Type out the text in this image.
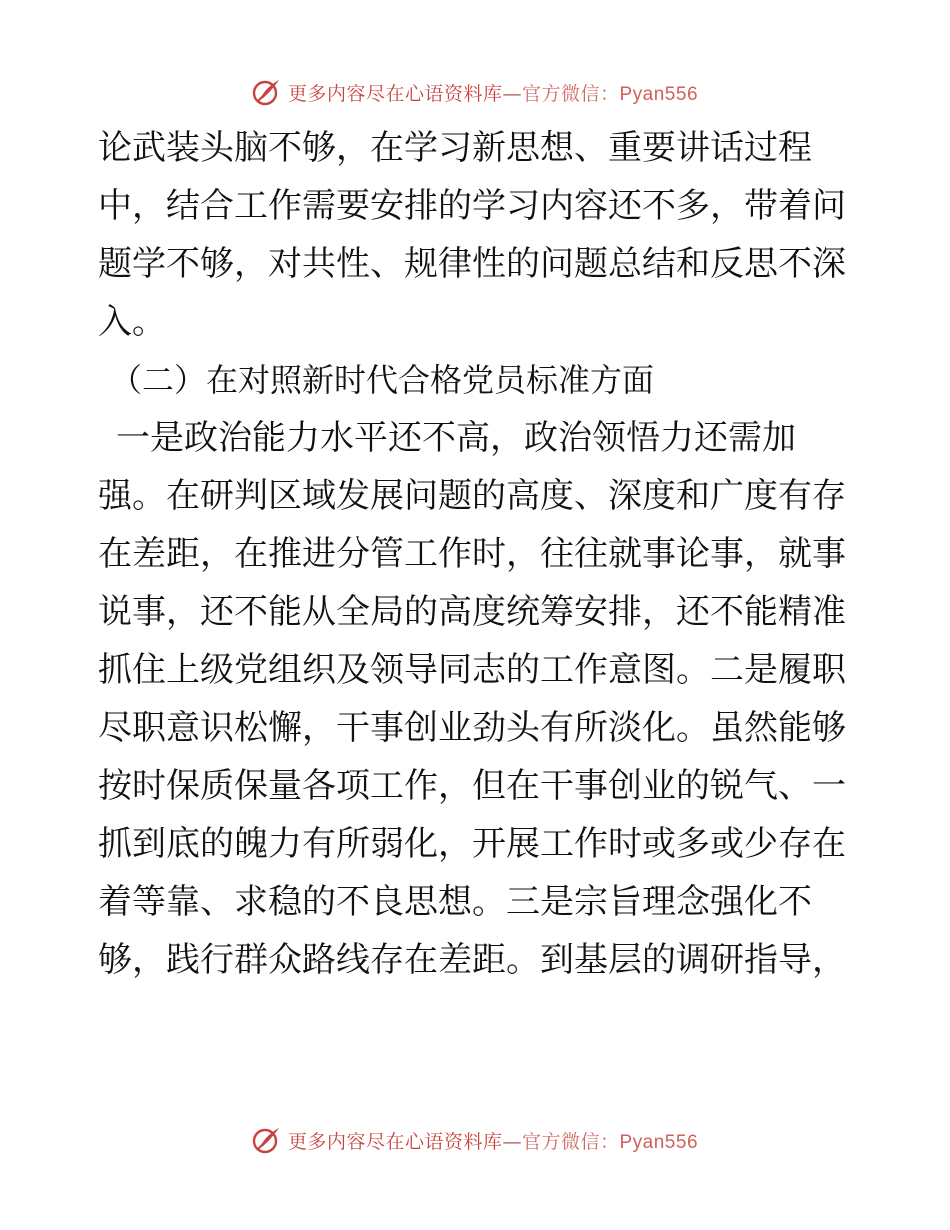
更多内容尽在心语资料库—官方微信：Pyan556

论武装头脑不够，在学习新思想、重要讲话过程
中，结合工作需要安排的学习内容还不多，带着问
题学不够，对共性、规律性的问题总结和反思不深
入。

（二）在对照新时代合格党员标准方面

一是政治能力水平还不高，政治领悟力还需加
强。在研判区域发展问题的高度、深度和广度有存
在差距，在推进分管工作时，往往就事论事，就事
说事，还不能从全局的高度统筹安排，还不能精准
抓住上级党组织及领导同志的工作意图。二是履职
尽职意识松懈，干事创业劲头有所淡化。虽然能够
按时保质保量各项工作，但在干事创业的锐气、一
抓到底的魄力有所弱化，开展工作时或多或少存在
着等靠、求稳的不良思想。三是宗旨理念强化不
够，践行群众路线存在差距。到基层的调研指导，

更多内容尽在心语资料库—官方微信：Pyan556
